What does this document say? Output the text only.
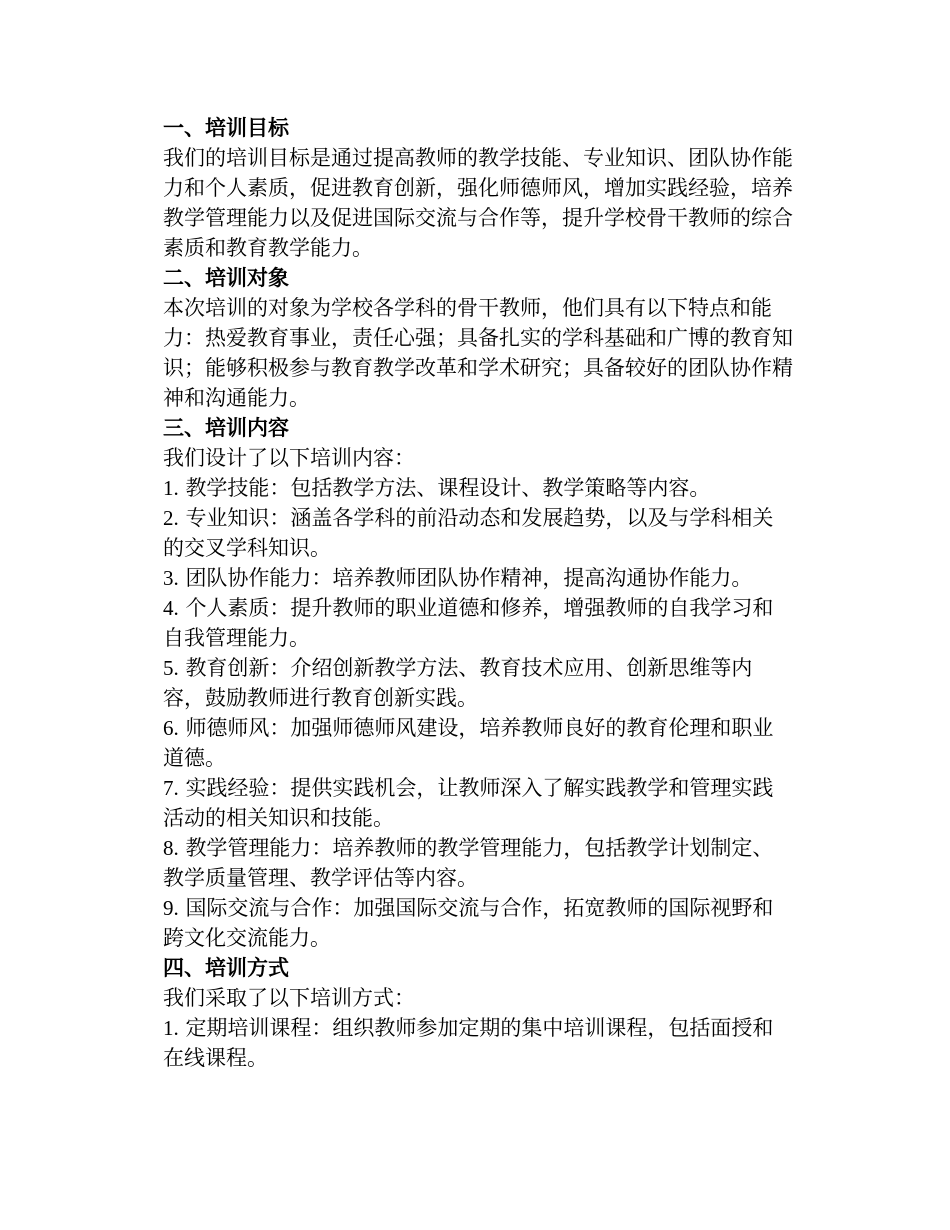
一、培训目标
我们的培训目标是通过提高教师的教学技能、专业知识、团队协作能力和个人素质，促进教育创新，强化师德师风，增加实践经验，培养教学管理能力以及促进国际交流与合作等，提升学校骨干教师的综合素质和教育教学能力。
二、培训对象
本次培训的对象为学校各学科的骨干教师，他们具有以下特点和能力：热爱教育事业，责任心强；具备扎实的学科基础和广博的教育知识；能够积极参与教育教学改革和学术研究；具备较好的团队协作精神和沟通能力。
三、培训内容
我们设计了以下培训内容：
1. 教学技能：包括教学方法、课程设计、教学策略等内容。
2. 专业知识：涵盖各学科的前沿动态和发展趋势，以及与学科相关的交叉学科知识。
3. 团队协作能力：培养教师团队协作精神，提高沟通协作能力。
4. 个人素质：提升教师的职业道德和修养，增强教师的自我学习和自我管理能力。
5. 教育创新：介绍创新教学方法、教育技术应用、创新思维等内容，鼓励教师进行教育创新实践。
6. 师德师风：加强师德师风建设，培养教师良好的教育伦理和职业道德。
7. 实践经验：提供实践机会，让教师深入了解实践教学和管理实践活动的相关知识和技能。
8. 教学管理能力：培养教师的教学管理能力，包括教学计划制定、教学质量管理、教学评估等内容。
9. 国际交流与合作：加强国际交流与合作，拓宽教师的国际视野和跨文化交流能力。
四、培训方式
我们采取了以下培训方式：
1. 定期培训课程：组织教师参加定期的集中培训课程，包括面授和在线课程。
